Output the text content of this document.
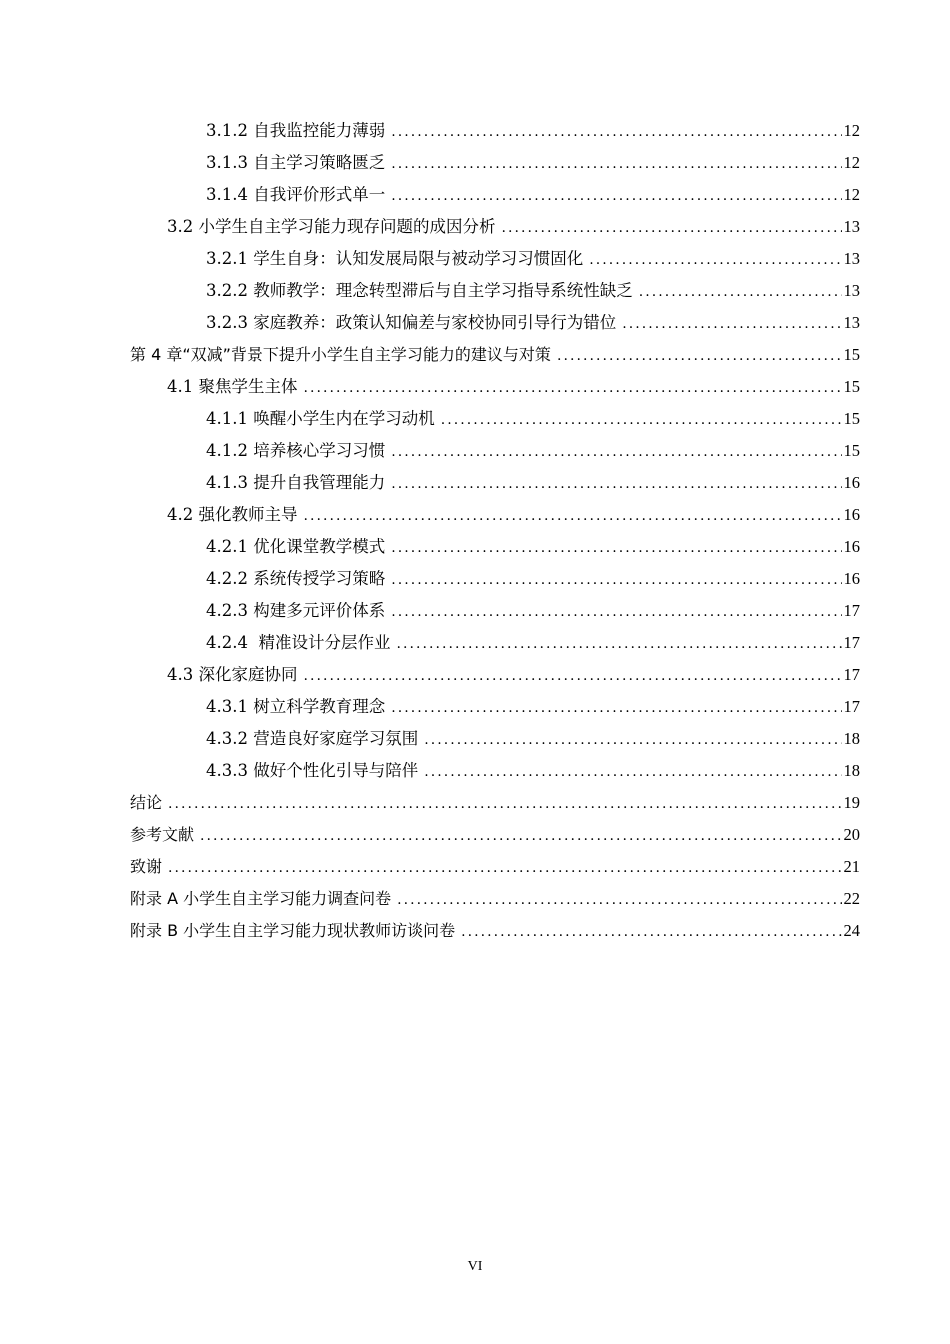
3.1.2 自我监控能力薄弱 . . .	12
3.1.3 自主学习策略匮乏 . . .	12
3.1.4 自我评价形式单一 . . .	12
3.2 小学生自主学习能力现存问题的成因分析 . . .	13
3.2.1 学生自身：认知发展局限与被动学习习惯固化 . . .	13
3.2.2 教师教学：理念转型滞后与自主学习指导系统性缺乏 . . .	13
3.2.3 家庭教养：政策认知偏差与家校协同引导行为错位 . . .	13
第 4 章“双减”背景下提升小学生自主学习能力的建议与对策 . . .	15
4.1 聚焦学生主体 . . .	15
4.1.1 唤醒小学生内在学习动机 . . .	15
4.1.2 培养核心学习习惯 . . .	15
4.1.3 提升自我管理能力 . . .	16
4.2 强化教师主导 . . .	16
4.2.1 优化课堂教学模式 . . .	16
4.2.2 系统传授学习策略 . . .	16
4.2.3 构建多元评价体系 . . .	17
4.2.4  精准设计分层作业 . . .	17
4.3 深化家庭协同 . . .	17
4.3.1 树立科学教育理念 . . .	17
4.3.2 营造良好家庭学习氛围 . . .	18
4.3.3 做好个性化引导与陪伴 . . .	18
结论 . . .	19
参考文献 . . .	20
致谢 . . .	21
附录 A 小学生自主学习能力调查问卷 . . .	22
附录 B 小学生自主学习能力现状教师访谈问卷 . . .	24
VI
